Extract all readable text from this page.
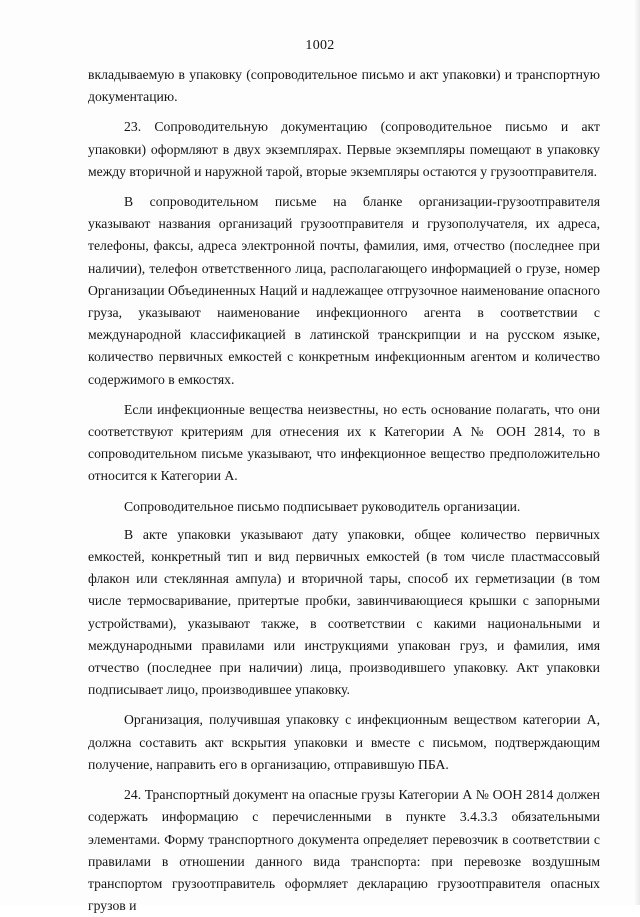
1002

вкладываемую в упаковку (сопроводительное письмо и акт упаковки) и транспортную документацию.

23. Сопроводительную документацию (сопроводительное письмо и акт упаковки) оформляют в двух экземплярах. Первые экземпляры помещают в упаковку между вторичной и наружной тарой, вторые экземпляры остаются у грузоотправителя.

В сопроводительном письме на бланке организации-грузоотправителя указывают названия организаций грузоотправителя и грузополучателя, их адреса, телефоны, факсы, адреса электронной почты, фамилия, имя, отчество (последнее при наличии), телефон ответственного лица, располагающего информацией о грузе, номер Организации Объединенных Наций и надлежащее отгрузочное наименование опасного груза, указывают наименование инфекционного агента в соответствии с международной классификацией в латинской транскрипции и на русском языке, количество первичных емкостей с конкретным инфекционным агентом и количество содержимого в емкостях.

Если инфекционные вещества неизвестны, но есть основание полагать, что они соответствуют критериям для отнесения их к Категории А № ООН 2814, то в сопроводительном письме указывают, что инфекционное вещество предположительно относится к Категории А.

Сопроводительное письмо подписывает руководитель организации.

В акте упаковки указывают дату упаковки, общее количество первичных емкостей, конкретный тип и вид первичных емкостей (в том числе пластмассовый флакон или стеклянная ампула) и вторичной тары, способ их герметизации (в том числе термосваривание, притертые пробки, завинчивающиеся крышки с запорными устройствами), указывают также, в соответствии с какими национальными и международными правилами или инструкциями упакован груз, и фамилия, имя отчество (последнее при наличии) лица, производившего упаковку. Акт упаковки подписывает лицо, производившее упаковку.

Организация, получившая упаковку с инфекционным веществом категории А, должна составить акт вскрытия упаковки и вместе с письмом, подтверждающим получение, направить его в организацию, отправившую ПБА.

24. Транспортный документ на опасные грузы Категории А № ООН 2814 должен содержать информацию с перечисленными в пункте 3.4.3.3 обязательными элементами. Форму транспортного документа определяет перевозчик в соответствии с правилами в отношении данного вида транспорта: при перевозке воздушным транспортом грузоотправитель оформляет декларацию грузоотправителя опасных грузов и
